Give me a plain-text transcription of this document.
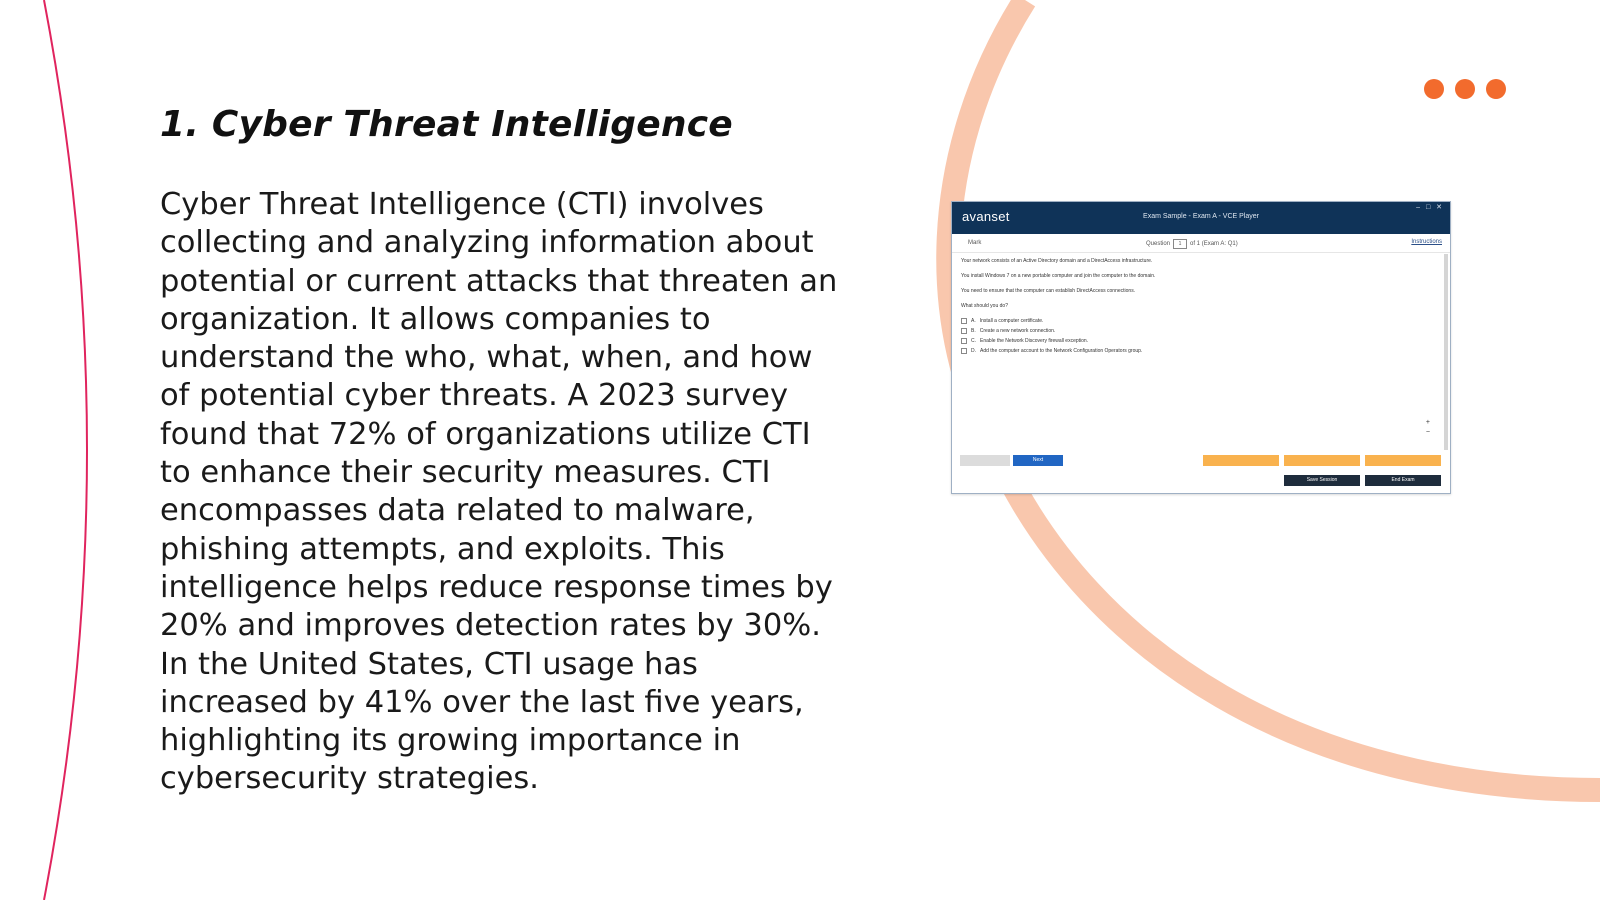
1. Cyber Threat Intelligence

Cyber Threat Intelligence (CTI) involves collecting and analyzing information about potential or current attacks that threaten an organization. It allows companies to understand the who, what, when, and how of potential cyber threats. A 2023 survey found that 72% of organizations utilize CTI to enhance their security measures. CTI encompasses data related to malware, phishing attempts, and exploits. This intelligence helps reduce response times by 20% and improves detection rates by 30%. In the United States, CTI usage has increased by 41% over the last five years, highlighting its growing importance in cybersecurity strategies.

avanset	Exam Sample - Exam A - VCE Player
– □ ✕
Mark	Question	1	of 1 (Exam A: Q1)	Instructions

Your network consists of an Active Directory domain and a DirectAccess infrastructure.

You install Windows 7 on a new portable computer and join the computer to the domain.

You need to ensure that the computer can establish DirectAccess connections.

What should you do?

A. Install a computer certificate.
B. Create a new network connection.
C. Enable the Network Discovery firewall exception.
D. Add the computer account to the Network Configuration Operators group.
+
−
Next
Save Session	End Exam
